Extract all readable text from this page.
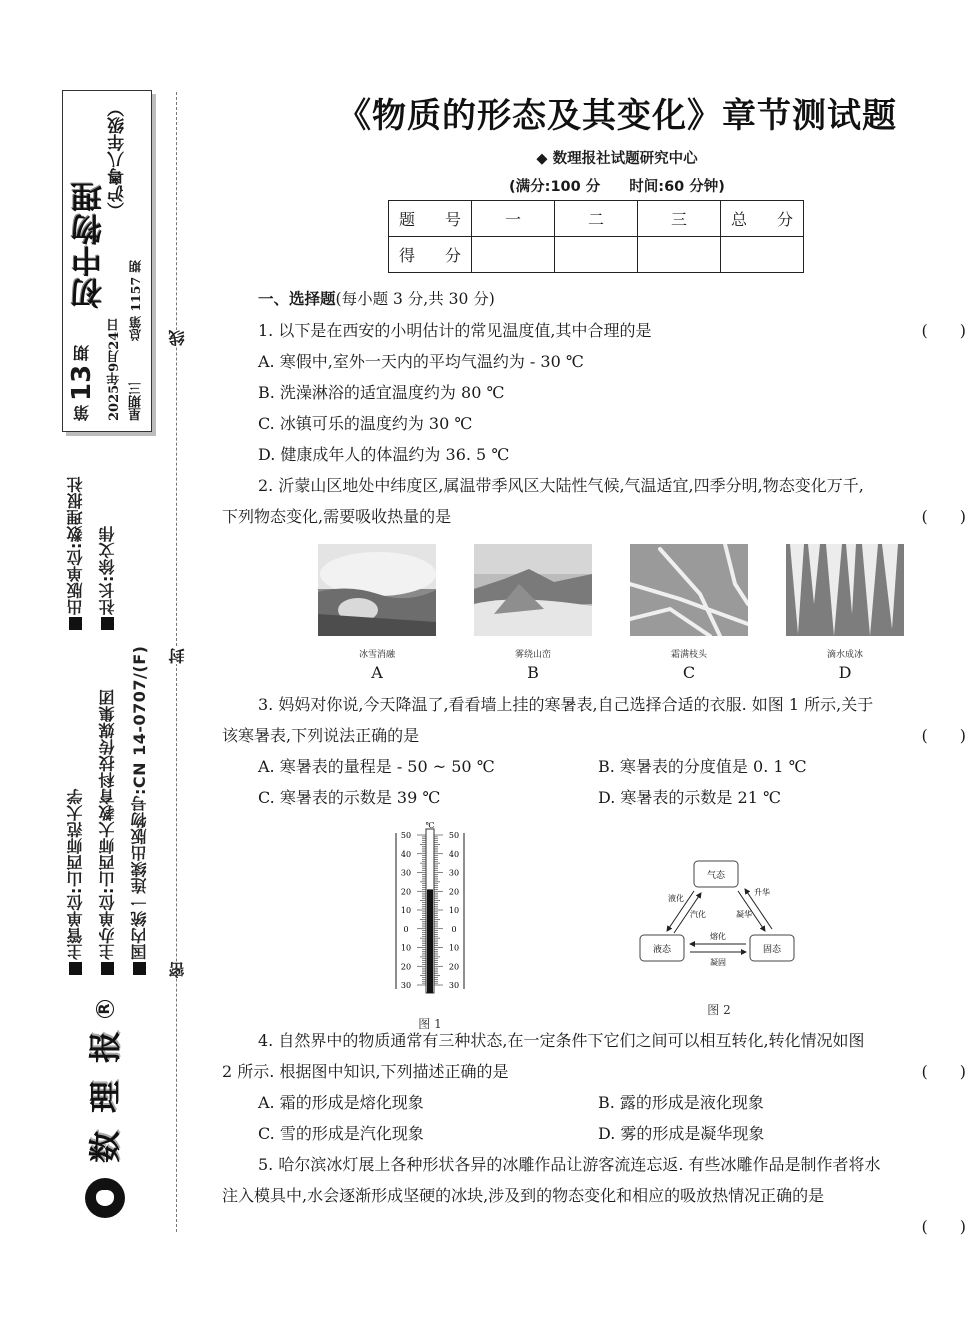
初中物理
第
13
期
（沪粤八年级）
2025年9月24日
总第 1157 期
星期三
出版单位:数理报社 社长:徐文伟
主管单位:山西师范大学 主办单位:山西师大教育科技传媒集团 国内统一连续出版物号:CN 14-0707/(F)
R
报
理
数
线
封
密
《物质的形态及其变化》章节测试题
◆ 数理报社试题研究中心
(满分:100 分　　时间:60 分钟)
题 号	一	二	三	总 分

得 分				

一、选择题(每小题 3 分,共 30 分)
1. 以下是在西安的小明估计的常见温度值,其中合理的是	(　　)
A. 寒假中,室外一天内的平均气温约为 - 30 ℃
B. 洗澡淋浴的适宜温度约为 80 ℃
C. 冰镇可乐的温度约为 30 ℃
D. 健康成年人的体温约为 36. 5 ℃
2. 沂蒙山区地处中纬度区,属温带季风区大陆性气候,气温适宜,四季分明,物态变化万千,
下列物态变化,需要吸收热量的是	(　　)
冰雪消融
A
雾绕山峦
B
霜满枝头
C
滴水成冰
D
3. 妈妈对你说,今天降温了,看看墙上挂的寒暑表,自己选择合适的衣服. 如图 1 所示,关于
该寒暑表,下列说法正确的是	(　　)
A. 寒暑表的量程是 - 50 ~ 50 ℃	B. 寒暑表的分度值是 0. 1 ℃
C. 寒暑表的示数是 39 ℃	D. 寒暑表的示数是 21 ℃
℃
50	50
40	40
30	30
20	20
10	10
0	0
10	10
20	20
30	30
图 1
气态
液态	固态
液化
汽化
升华
凝华
熔化
凝固
图 2
4. 自然界中的物质通常有三种状态,在一定条件下它们之间可以相互转化,转化情况如图
2 所示. 根据图中知识,下列描述正确的是	(　　)
A. 霜的形成是熔化现象	B. 露的形成是液化现象
C. 雪的形成是汽化现象	D. 雾的形成是凝华现象
5. 哈尔滨冰灯展上各种形状各异的冰雕作品让游客流连忘返. 有些冰雕作品是制作者将水
注入模具中,水会逐渐形成坚硬的冰块,涉及到的物态变化和相应的吸放热情况正确的是
(　　)
